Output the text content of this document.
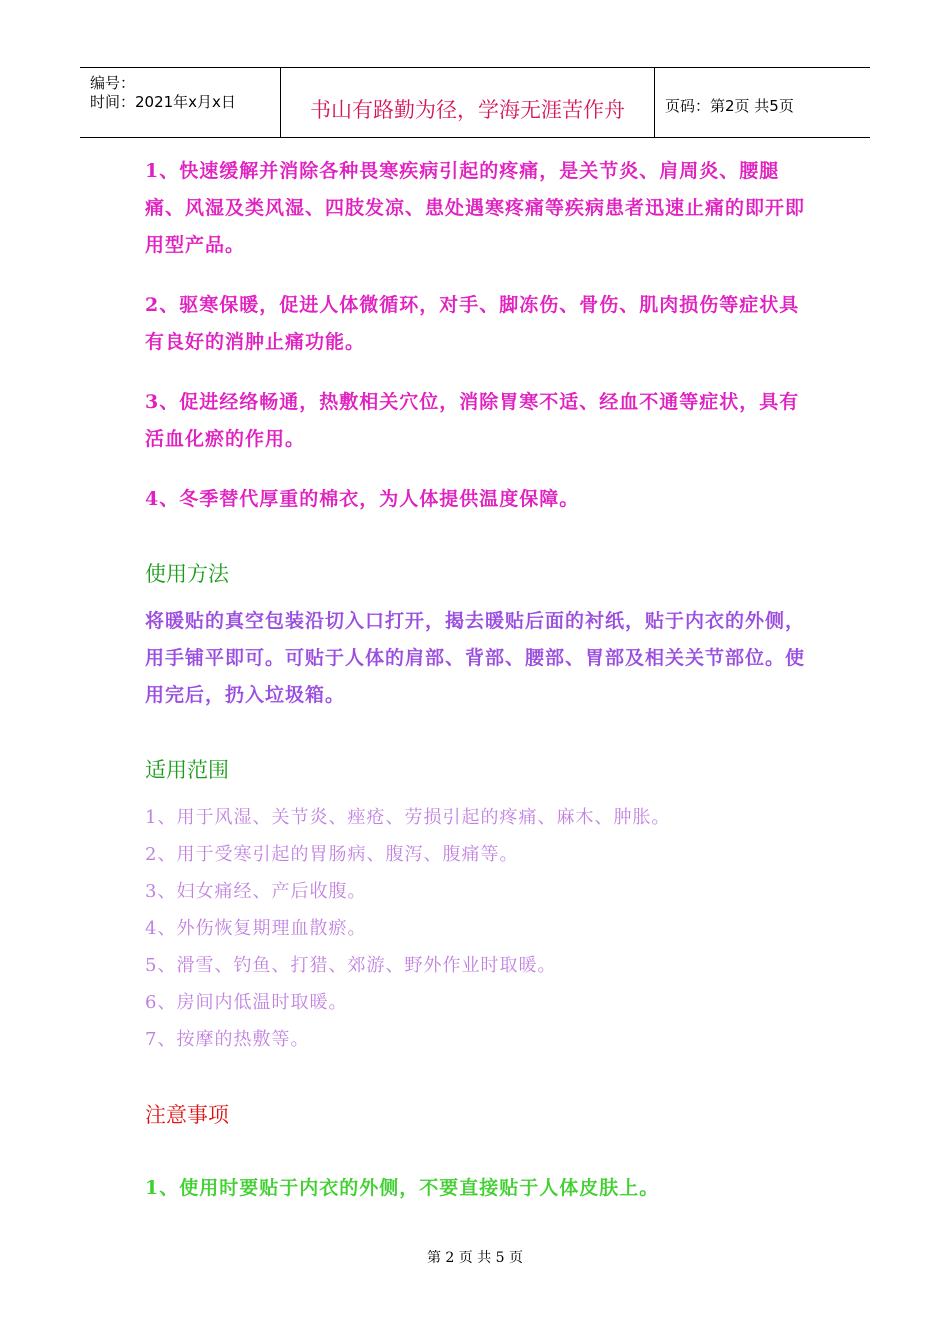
编号：
时间：2021年x月x日	书山有路勤为径，学海无涯苦作舟	页码：第2页 共5页
1、快速缓解并消除各种畏寒疾病引起的疼痛，是关节炎、肩周炎、腰腿痛、风湿及类风湿、四肢发凉、患处遇寒疼痛等疾病患者迅速止痛的即开即用型产品。
2、驱寒保暖，促进人体微循环，对手、脚冻伤、骨伤、肌肉损伤等症状具有良好的消肿止痛功能。
3、促进经络畅通，热敷相关穴位，消除胃寒不适、经血不通等症状，具有活血化瘀的作用。
4、冬季替代厚重的棉衣，为人体提供温度保障。
使用方法
将暖贴的真空包装沿切入口打开，揭去暖贴后面的衬纸，贴于内衣的外侧，用手铺平即可。可贴于人体的肩部、背部、腰部、胃部及相关关节部位。使用完后，扔入垃圾箱。
适用范围
1、用于风湿、关节炎、痤疮、劳损引起的疼痛、麻木、肿胀。
2、用于受寒引起的胃肠病、腹泻、腹痛等。
3、妇女痛经、产后收腹。
4、外伤恢复期理血散瘀。
5、滑雪、钓鱼、打猎、郊游、野外作业时取暖。
6、房间内低温时取暖。
7、按摩的热敷等。
注意事项
1、使用时要贴于内衣的外侧，不要直接贴于人体皮肤上。
第 2 页 共 5 页
